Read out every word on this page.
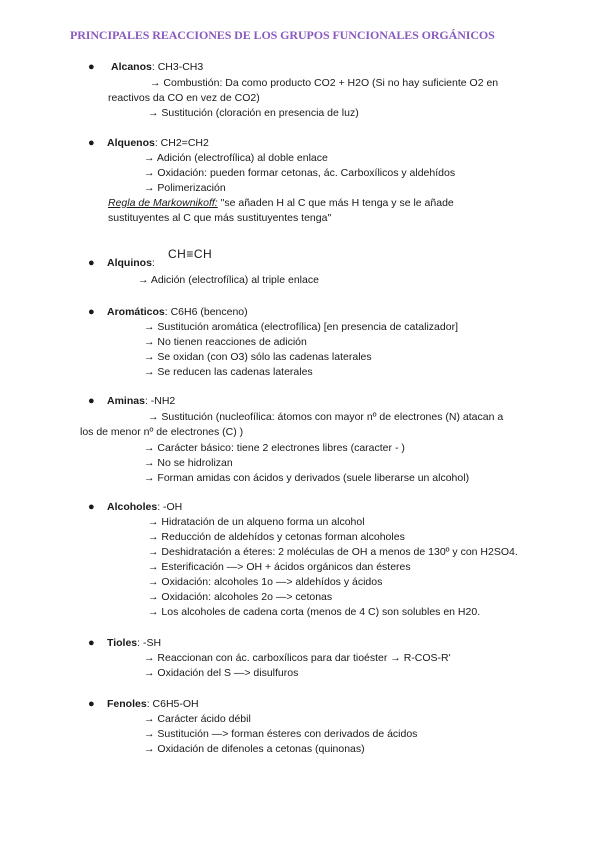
PRINCIPALES REACCIONES DE LOS GRUPOS FUNCIONALES ORGÁNICOS
● Alcanos: CH3-CH3
→ Combustión: Da como producto CO2 + H2O (Si no hay suficiente O2 en
reactivos da CO en vez de CO2)
→ Sustitución (cloración en presencia de luz)
● Alquenos: CH2=CH2
→ Adición (electrofílica) al doble enlace
→ Oxidación: pueden formar cetonas, ác. Carboxílicos y aldehídos
→ Polimerización
Regla de Markownikoff: "se añaden H al C que más H tenga y se le añade
sustituyentes al C que más sustituyentes tenga"
● Alquinos:
CH≡CH
→ Adición (electrofílica) al triple enlace
● Aromáticos: C6H6 (benceno)
→ Sustitución aromática (electrofílica) [en presencia de catalizador]
→ No tienen reacciones de adición
→ Se oxidan (con O3) sólo las cadenas laterales
→ Se reducen las cadenas laterales
● Aminas: -NH2
→ Sustitución (nucleofílica: átomos con mayor nº de electrones (N) atacan a
los de menor nº de electrones (C) )
→ Carácter básico: tiene 2 electrones libres (caracter - )
→ No se hidrolizan
→ Forman amidas con ácidos y derivados (suele liberarse un alcohol)
● Alcoholes: -OH
→ Hidratación de un alqueno forma un alcohol
→ Reducción de aldehídos y cetonas forman alcoholes
→ Deshidratación a éteres: 2 moléculas de OH a menos de 130º y con H2SO4.
→ Esterificación —> OH + ácidos orgánicos dan ésteres
→ Oxidación: alcoholes 1o —> aldehídos y ácidos
→ Oxidación: alcoholes 2o —> cetonas
→ Los alcoholes de cadena corta (menos de 4 C) son solubles en H20.
● Tioles: -SH
→ Reaccionan con ác. carboxílicos para dar tioéster → R-COS-R'
→ Oxidación del S —> disulfuros
● Fenoles: C6H5-OH
→ Carácter ácido débil
→ Sustitución —> forman ésteres con derivados de ácidos
→ Oxidación de difenoles a cetonas (quinonas)
